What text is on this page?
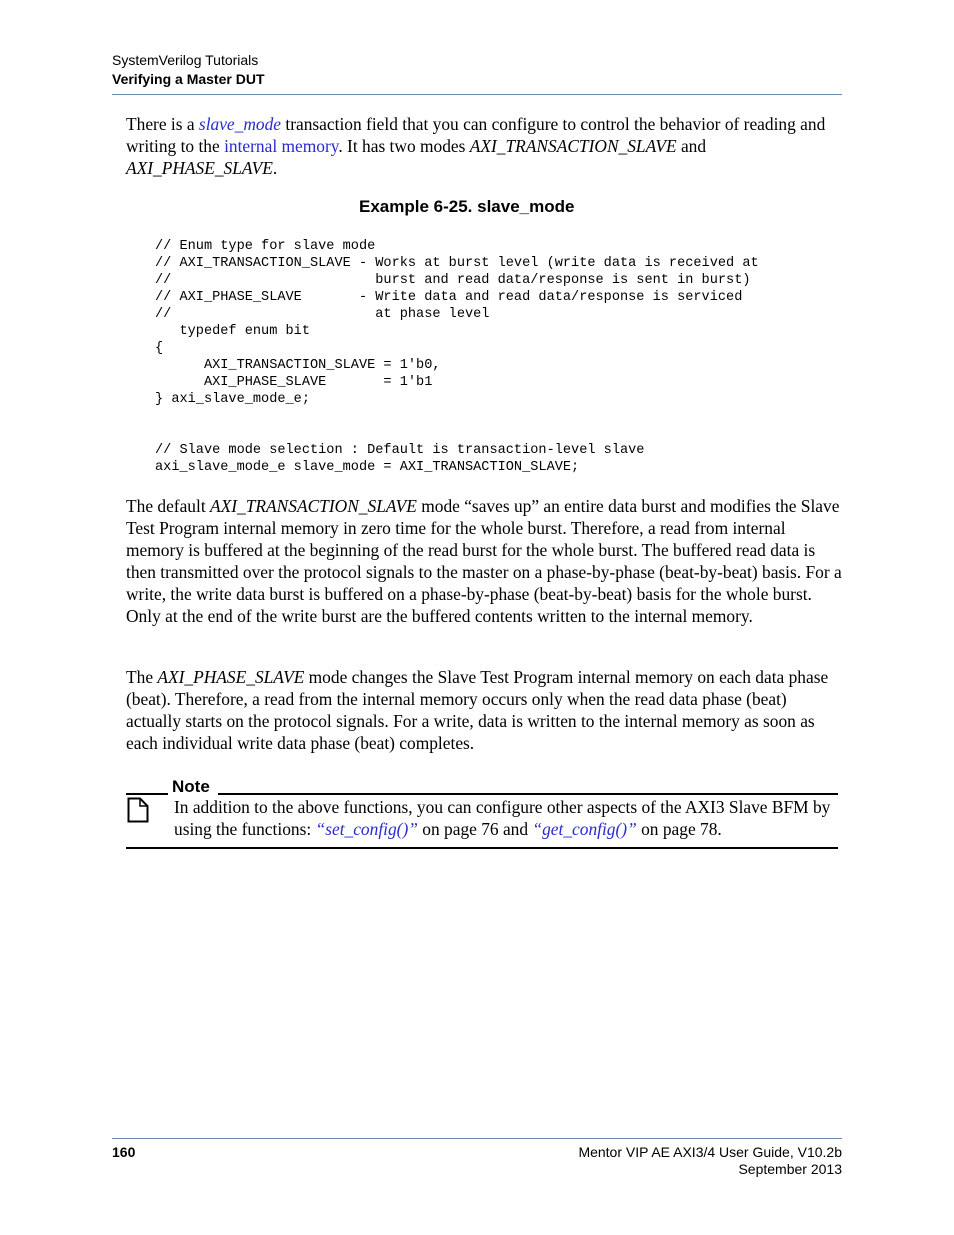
SystemVerilog Tutorials
Verifying a Master DUT

There is a slave_mode transaction field that you can configure to control the behavior of reading and writing to the internal memory. It has two modes AXI_TRANSACTION_SLAVE and AXI_PHASE_SLAVE.

Example 6-25. slave_mode
// Enum type for slave mode
// AXI_TRANSACTION_SLAVE - Works at burst level (write data is received at
//                         burst and read data/response is sent in burst)
// AXI_PHASE_SLAVE       - Write data and read data/response is serviced
//                         at phase level
typedef enum bit
{
AXI_TRANSACTION_SLAVE = 1'b0,
AXI_PHASE_SLAVE       = 1'b1
} axi_slave_mode_e;

// Slave mode selection : Default is transaction-level slave
axi_slave_mode_e slave_mode = AXI_TRANSACTION_SLAVE;

The default AXI_TRANSACTION_SLAVE mode “saves up” an entire data burst and modifies the Slave Test Program internal memory in zero time for the whole burst. Therefore, a read from internal memory is buffered at the beginning of the read burst for the whole burst. The buffered read data is then transmitted over the protocol signals to the master on a phase-by-phase (beat-by-beat) basis. For a write, the write data burst is buffered on a phase-by-phase (beat-by-beat) basis for the whole burst. Only at the end of the write burst are the buffered contents written to the internal memory.

The AXI_PHASE_SLAVE mode changes the Slave Test Program internal memory on each data phase (beat). Therefore, a read from the internal memory occurs only when the read data phase (beat) actually starts on the protocol signals. For a write, data is written to the internal memory as soon as each individual write data phase (beat) completes.

Note

In addition to the above functions, you can configure other aspects of the AXI3 Slave BFM by using the functions: “set_config()” on page 76 and “get_config()” on page 78.

160	Mentor VIP AE AXI3/4 User Guide, V10.2b
September 2013
